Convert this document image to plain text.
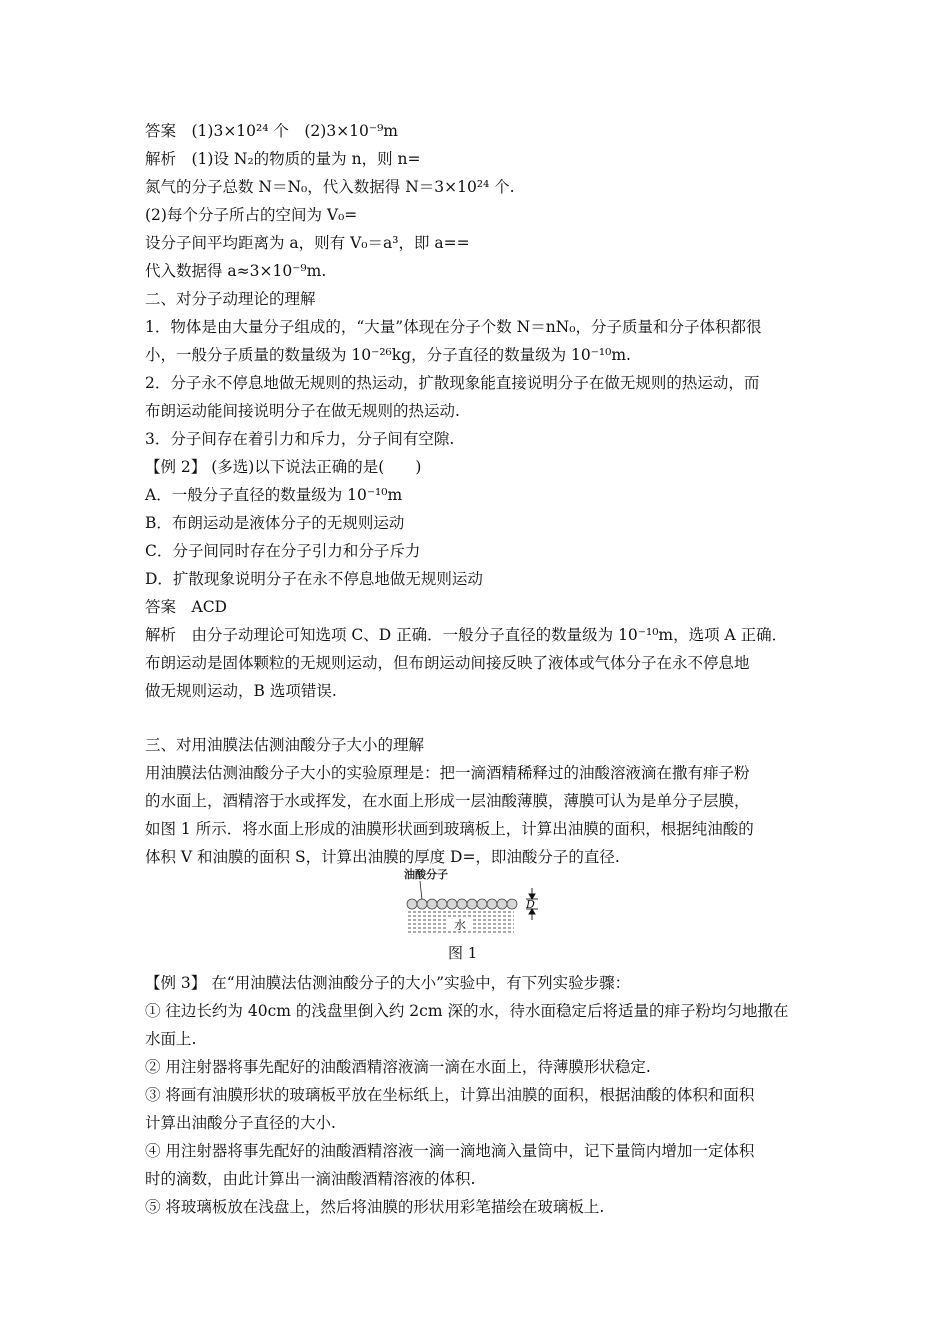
答案　(1)3×10²⁴ 个　(2)3×10⁻⁹m
解析　(1)设 N₂的物质的量为 n，则 n=
氮气的分子总数 N＝N₀，代入数据得 N＝3×10²⁴ 个.
(2)每个分子所占的空间为 V₀=
设分子间平均距离为 a，则有 V₀＝a³，即 a==
代入数据得 a≈3×10⁻⁹m.
二、对分子动理论的理解
1．物体是由大量分子组成的，“大量”体现在分子个数 N＝nN₀，分子质量和分子体积都很
小，一般分子质量的数量级为 10⁻²⁶kg，分子直径的数量级为 10⁻¹⁰m.
2．分子永不停息地做无规则的热运动，扩散现象能直接说明分子在做无规则的热运动，而
布朗运动能间接说明分子在做无规则的热运动.
3．分子间存在着引力和斥力，分子间有空隙.
【例 2】 (多选)以下说法正确的是(　　)
A．一般分子直径的数量级为 10⁻¹⁰m
B．布朗运动是液体分子的无规则运动
C．分子间同时存在分子引力和分子斥力
D．扩散现象说明分子在永不停息地做无规则运动
答案　ACD
解析　由分子动理论可知选项 C、D 正确．一般分子直径的数量级为 10⁻¹⁰m，选项 A 正确．
布朗运动是固体颗粒的无规则运动，但布朗运动间接反映了液体或气体分子在永不停息地
做无规则运动，B 选项错误.
三、对用油膜法估测油酸分子大小的理解
用油膜法估测油酸分子大小的实验原理是：把一滴酒精稀释过的油酸溶液滴在撒有痱子粉
的水面上，酒精溶于水或挥发，在水面上形成一层油酸薄膜，薄膜可认为是单分子层膜，
如图 1 所示．将水面上形成的油膜形状画到玻璃板上，计算出油膜的面积，根据纯油酸的
体积 V 和油膜的面积 S，计算出油膜的厚度 D=，即油酸分子的直径.
油酸分子
水
D
图 1
【例 3】 在“用油膜法估测油酸分子的大小”实验中，有下列实验步骤：
① 往边长约为 40cm 的浅盘里倒入约 2cm 深的水，待水面稳定后将适量的痱子粉均匀地撒在
水面上.
② 用注射器将事先配好的油酸酒精溶液滴一滴在水面上，待薄膜形状稳定.
③ 将画有油膜形状的玻璃板平放在坐标纸上，计算出油膜的面积，根据油酸的体积和面积
计算出油酸分子直径的大小.
④ 用注射器将事先配好的油酸酒精溶液一滴一滴地滴入量筒中，记下量筒内增加一定体积
时的滴数，由此计算出一滴油酸酒精溶液的体积.
⑤ 将玻璃板放在浅盘上，然后将油膜的形状用彩笔描绘在玻璃板上.
